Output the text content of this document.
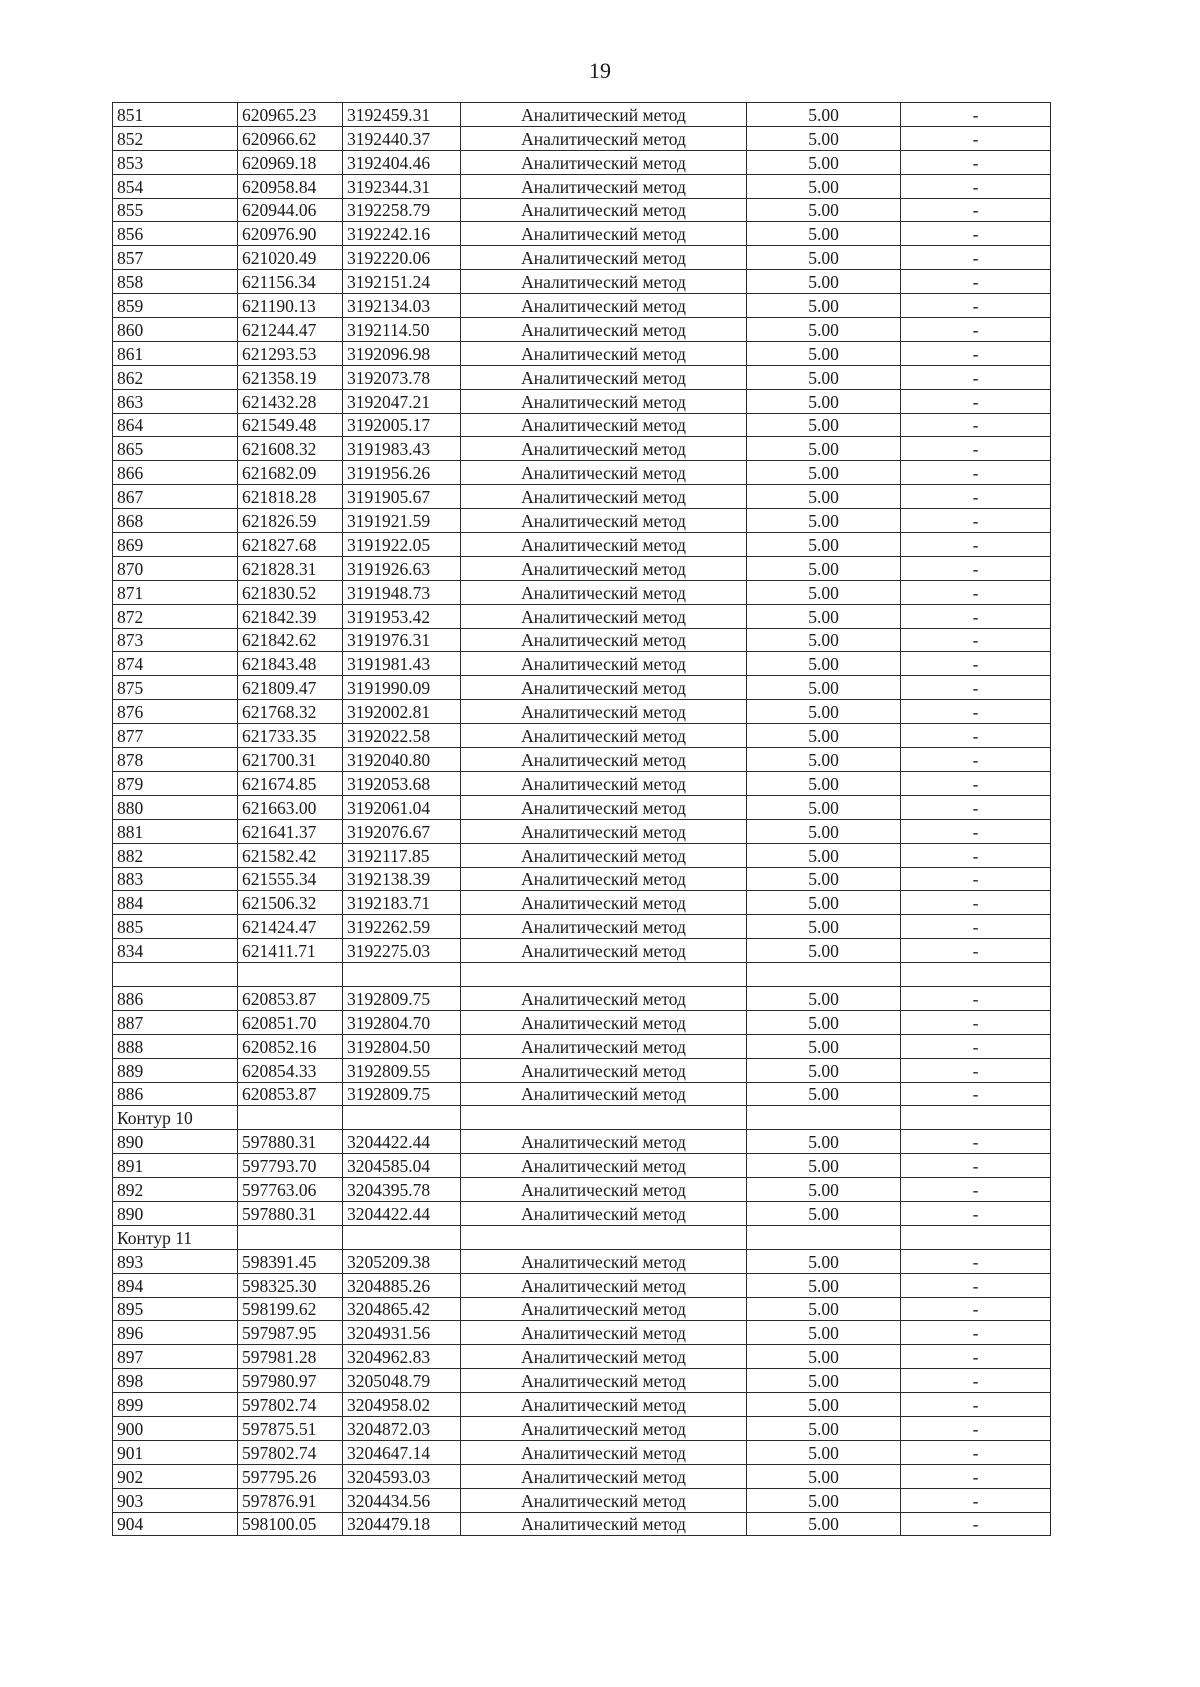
19
851	620965.23	3192459.31	Аналитический метод	5.00	-
852	620966.62	3192440.37	Аналитический метод	5.00	-
853	620969.18	3192404.46	Аналитический метод	5.00	-
854	620958.84	3192344.31	Аналитический метод	5.00	-
855	620944.06	3192258.79	Аналитический метод	5.00	-
856	620976.90	3192242.16	Аналитический метод	5.00	-
857	621020.49	3192220.06	Аналитический метод	5.00	-
858	621156.34	3192151.24	Аналитический метод	5.00	-
859	621190.13	3192134.03	Аналитический метод	5.00	-
860	621244.47	3192114.50	Аналитический метод	5.00	-
861	621293.53	3192096.98	Аналитический метод	5.00	-
862	621358.19	3192073.78	Аналитический метод	5.00	-
863	621432.28	3192047.21	Аналитический метод	5.00	-
864	621549.48	3192005.17	Аналитический метод	5.00	-
865	621608.32	3191983.43	Аналитический метод	5.00	-
866	621682.09	3191956.26	Аналитический метод	5.00	-
867	621818.28	3191905.67	Аналитический метод	5.00	-
868	621826.59	3191921.59	Аналитический метод	5.00	-
869	621827.68	3191922.05	Аналитический метод	5.00	-
870	621828.31	3191926.63	Аналитический метод	5.00	-
871	621830.52	3191948.73	Аналитический метод	5.00	-
872	621842.39	3191953.42	Аналитический метод	5.00	-
873	621842.62	3191976.31	Аналитический метод	5.00	-
874	621843.48	3191981.43	Аналитический метод	5.00	-
875	621809.47	3191990.09	Аналитический метод	5.00	-
876	621768.32	3192002.81	Аналитический метод	5.00	-
877	621733.35	3192022.58	Аналитический метод	5.00	-
878	621700.31	3192040.80	Аналитический метод	5.00	-
879	621674.85	3192053.68	Аналитический метод	5.00	-
880	621663.00	3192061.04	Аналитический метод	5.00	-
881	621641.37	3192076.67	Аналитический метод	5.00	-
882	621582.42	3192117.85	Аналитический метод	5.00	-
883	621555.34	3192138.39	Аналитический метод	5.00	-
884	621506.32	3192183.71	Аналитический метод	5.00	-
885	621424.47	3192262.59	Аналитический метод	5.00	-
834	621411.71	3192275.03	Аналитический метод	5.00	-

886	620853.87	3192809.75	Аналитический метод	5.00	-
887	620851.70	3192804.70	Аналитический метод	5.00	-
888	620852.16	3192804.50	Аналитический метод	5.00	-
889	620854.33	3192809.55	Аналитический метод	5.00	-
886	620853.87	3192809.75	Аналитический метод	5.00	-
Контур 10					
890	597880.31	3204422.44	Аналитический метод	5.00	-
891	597793.70	3204585.04	Аналитический метод	5.00	-
892	597763.06	3204395.78	Аналитический метод	5.00	-
890	597880.31	3204422.44	Аналитический метод	5.00	-
Контур 11					
893	598391.45	3205209.38	Аналитический метод	5.00	-
894	598325.30	3204885.26	Аналитический метод	5.00	-
895	598199.62	3204865.42	Аналитический метод	5.00	-
896	597987.95	3204931.56	Аналитический метод	5.00	-
897	597981.28	3204962.83	Аналитический метод	5.00	-
898	597980.97	3205048.79	Аналитический метод	5.00	-
899	597802.74	3204958.02	Аналитический метод	5.00	-
900	597875.51	3204872.03	Аналитический метод	5.00	-
901	597802.74	3204647.14	Аналитический метод	5.00	-
902	597795.26	3204593.03	Аналитический метод	5.00	-
903	597876.91	3204434.56	Аналитический метод	5.00	-
904	598100.05	3204479.18	Аналитический метод	5.00	-
